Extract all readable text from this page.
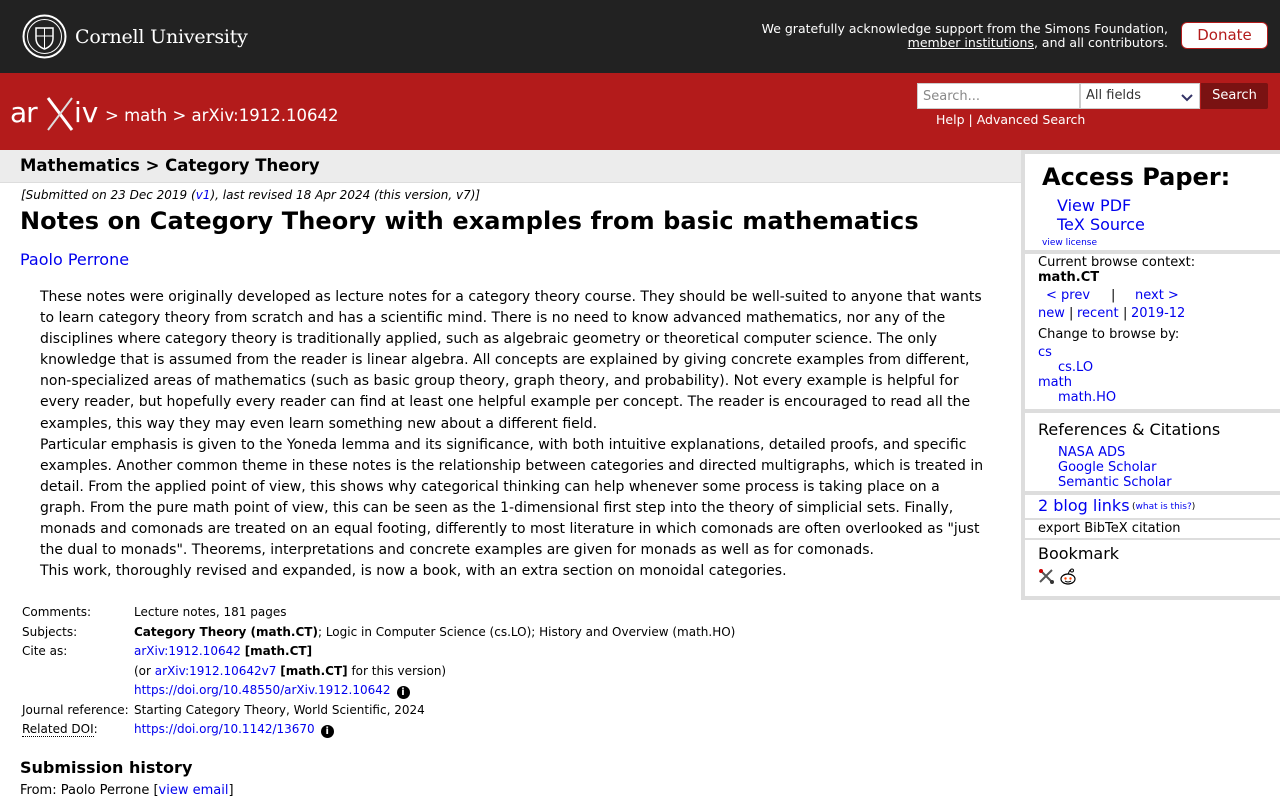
Cornell University	We gratefully acknowledge support from the Simons Foundation,
member institutions, and all contributors.	Donate
ar iv > math > arXiv:1912.10642
Search...
All fields	Search
Help | Advanced Search
Mathematics > Category Theory
[Submitted on 23 Dec 2019 (v1), last revised 18 Apr 2024 (this version, v7)]
Notes on Category Theory with examples from basic mathematics
Paolo Perrone

These notes were originally developed as lecture notes for a category theory course. They should be well-suited to anyone that wants to learn category theory from scratch and has a scientific mind. There is no need to know advanced mathematics, nor any of the disciplines where category theory is traditionally applied, such as algebraic geometry or theoretical computer science. The only knowledge that is assumed from the reader is linear algebra. All concepts are explained by giving concrete examples from different, non-specialized areas of mathematics (such as basic group theory, graph theory, and probability). Not every example is helpful for every reader, but hopefully every reader can find at least one helpful example per concept. The reader is encouraged to read all the examples, this way they may even learn something new about a different field.

Particular emphasis is given to the Yoneda lemma and its significance, with both intuitive explanations, detailed proofs, and specific examples. Another common theme in these notes is the relationship between categories and directed multigraphs, which is treated in detail. From the applied point of view, this shows why categorical thinking can help whenever some process is taking place on a graph. From the pure math point of view, this can be seen as the 1-dimensional first step into the theory of simplicial sets. Finally, monads and comonads are treated on an equal footing, differently to most literature in which comonads are often overlooked as "just the dual to monads". Theorems, interpretations and concrete examples are given for monads as well as for comonads.

This work, thoroughly revised and expanded, is now a book, with an extra section on monoidal categories.

Comments:	Lecture notes, 181 pages
Subjects:	Category Theory (math.CT); Logic in Computer Science (cs.LO); History and Overview (math.HO)
Cite as:	arXiv:1912.10642 [math.CT]
	(or arXiv:1912.10642v7 [math.CT] for this version)
	https://doi.org/10.48550/arXiv.1912.10642 i
Journal reference:	Starting Category Theory, World Scientific, 2024
Related DOI:	https://doi.org/10.1142/13670 i
Submission history
From: Paolo Perrone [view email]
Access Paper:
View PDF
TeX Source
view license
Current browse context:
math.CT
< prev | next >
new | recent | 2019-12
Change to browse by:
cs
cs.LO
math
math.HO
References & Citations
NASA ADS
Google Scholar
Semantic Scholar
2 blog links (what is this?)
export BibTeX citation
Bookmark
